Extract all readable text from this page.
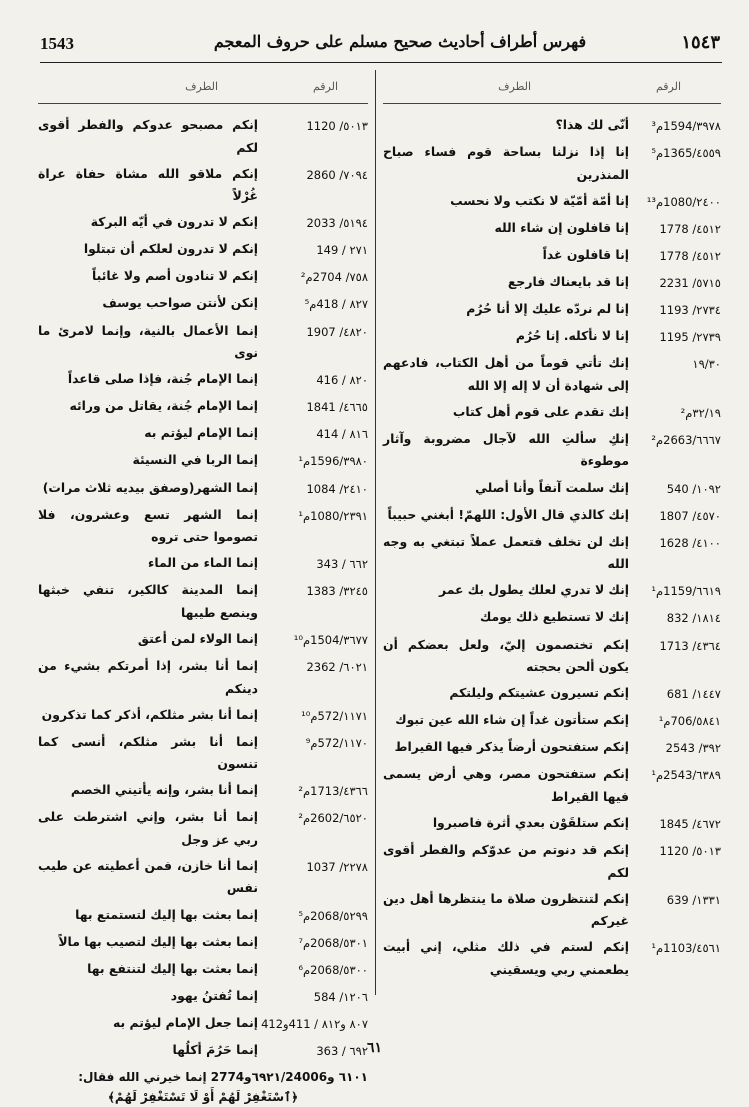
1543	فهرس أطراف أحاديث صحيح مسلم على حروف المعجم	١٥٤٣
الرقم
الطرف
٣٩٧٨/1594م³
أنّى لك هذا؟
٤٥٥٩/1365م⁵
إنا إذا نزلنا بساحة قوم فساء صباح المنذرين
٢٤٠٠/1080م¹³
إنا أمّة أمّيّة لا نكتب ولا نحسب
٤٥١٢/ 1778
إنا قافلون إن شاء الله
٤٥١٢/ 1778
إنا قافلون غداً
٥٧١٥/ 2231
إنا قد بايعناك فارجع
٢٧٣٤/ 1193
إنا لم نردّه عليك إلا أنا حُرُم
٢٧٣٩/ 1195
إنا لا نأكله. إنا حُرُم
١٩/٣٠
إنك تأتي قوماً من أهل الكتاب، فادعهم إلى شهادة أن لا إله إلا الله
٣٢/١٩م²
إنك تقدم على قوم أهل كتاب
٦٦٦٧/2663م²
إنكِ سألتِ الله لآجال مضروبة وآثار موطوءة
١٠٩٢/ 540
إنك سلمت آنفاً وأنا أصلي
٤٥٧٠/ 1807
إنك كالذي قال الأول: اللهمّ! أبغني حبيباً
٤١٠٠/ 1628
إنك لن تخلف فتعمل عملاً تبتغي به وجه الله
٦٦١٩/1159م¹
إنك لا تدري لعلك يطول بك عمر
١٨١٤/ 832
إنك لا تستطيع ذلك يومك
٤٣٦٤/ 1713
إنكم تختصمون إليّ، ولعل بعضكم أن يكون ألحن بحجته
١٤٤٧/ 681
إنكم تسيرون عشيتكم وليلتكم
٥٨٤١/706م¹
إنكم ستأتون غداً إن شاء الله عين تبوك
٣٩٢/ 2543
إنكم ستفتحون أرضاً يذكر فيها القيراط
٦٣٨٩/2543م¹
إنكم ستفتحون مصر، وهي أرض يسمى فيها القيراط
٤٦٧٢/ 1845
إنكم ستلقَوْن بعدي أثرة فاصبروا
٥٠١٣/ 1120
إنكم قد دنوتم من عدوّكم والفطر أقوى لكم
١٣٣١/ 639
إنكم لتنتظرون صلاة ما ينتظرها أهل دين غيركم
٤٥٦١/1103م¹
إنكم لستم في ذلك مثلي، إني أبيت يطعمني ربي ويسقيني
الرقم
الطرف
٥٠١٣/ 1120
إنكم مصبحو عدوكم والفطر أقوى لكم
٧٠٩٤/ 2860
إنكم ملاقو الله مشاة حفاة عراة غُرْلاً
٥١٩٤/ 2033
إنكم لا تدرون في أيّه البركة
٢٧١ / 149
إنكم لا تدرون لعلكم أن تبتلوا
٧٥٨/ 2704م²
إنكم لا تنادون أصم ولا غائباً
٨٢٧ / 418م⁵
إنكن لأنتن صواحب يوسف
٤٨٢٠/ 1907
إنما الأعمال بالنية، وإنما لامرئ ما نوى
٨٢٠ / 416
إنما الإمام جُنة، فإذا صلى قاعداً
٤٦٦٥/ 1841
إنما الإمام جُنة، يقاتل من ورائه
٨١٦ / 414
إنما الإمام ليؤتم به
٣٩٨٠/1596م¹
إنما الربا في النسيئة
٢٤١٠/ 1084
إنما الشهر(وصفق بيديه ثلاث مرات)
٢٣٩١/1080م¹
إنما الشهر تسع وعشرون، فلا تصوموا حتى تروه
٦٦٢ / 343
إنما الماء من الماء
٣٢٤٥/ 1383
إنما المدينة كالكير، تنفي خبثها وينصع طيبها
٣٦٧٧/1504م¹⁰
إنما الولاء لمن أعتق
٦٠٢١/ 2362
إنما أنا بشر، إذا أمرتكم بشيء من دينكم
١١٧١/572م¹⁰
إنما أنا بشر مثلكم، أذكر كما تذكرون
١١٧٠/572م⁹
إنما أنا بشر مثلكم، أنسى كما تنسون
٤٣٦٦/1713م²
إنما أنا بشر، وإنه يأتيني الخصم
٦٥٢٠/2602م²
إنما أنا بشر، وإني اشترطت على ربي عز وجل
٢٢٧٨/ 1037
إنما أنا خازن، فمن أعطيته عن طيب نفس
٥٢٩٩/2068م⁵
إنما بعثت بها إليك لتستمتع بها
٥٣٠١/2068م⁷
إنما بعثت بها إليك لتصيب بها مالاً
٥٣٠٠/2068م⁶
إنما بعثت بها إليك لتنتفع بها
١٢٠٦/ 584
إنما تُفتنُ يهود
٨٠٧ و٨١٢ / 411و412
إنما جعل الإمام ليؤتم به
٦٩٢ / 363
إنما حَرُمَ أكلُها
٦١٠١ و٦٩٢١/24006و2774 إنما خيرني الله فقال:
﴿ٱسْتَغْفِرْ لَهُمْ أَوْ لَا تَسْتَغْفِرْ لَهُمْ﴾
٦١
